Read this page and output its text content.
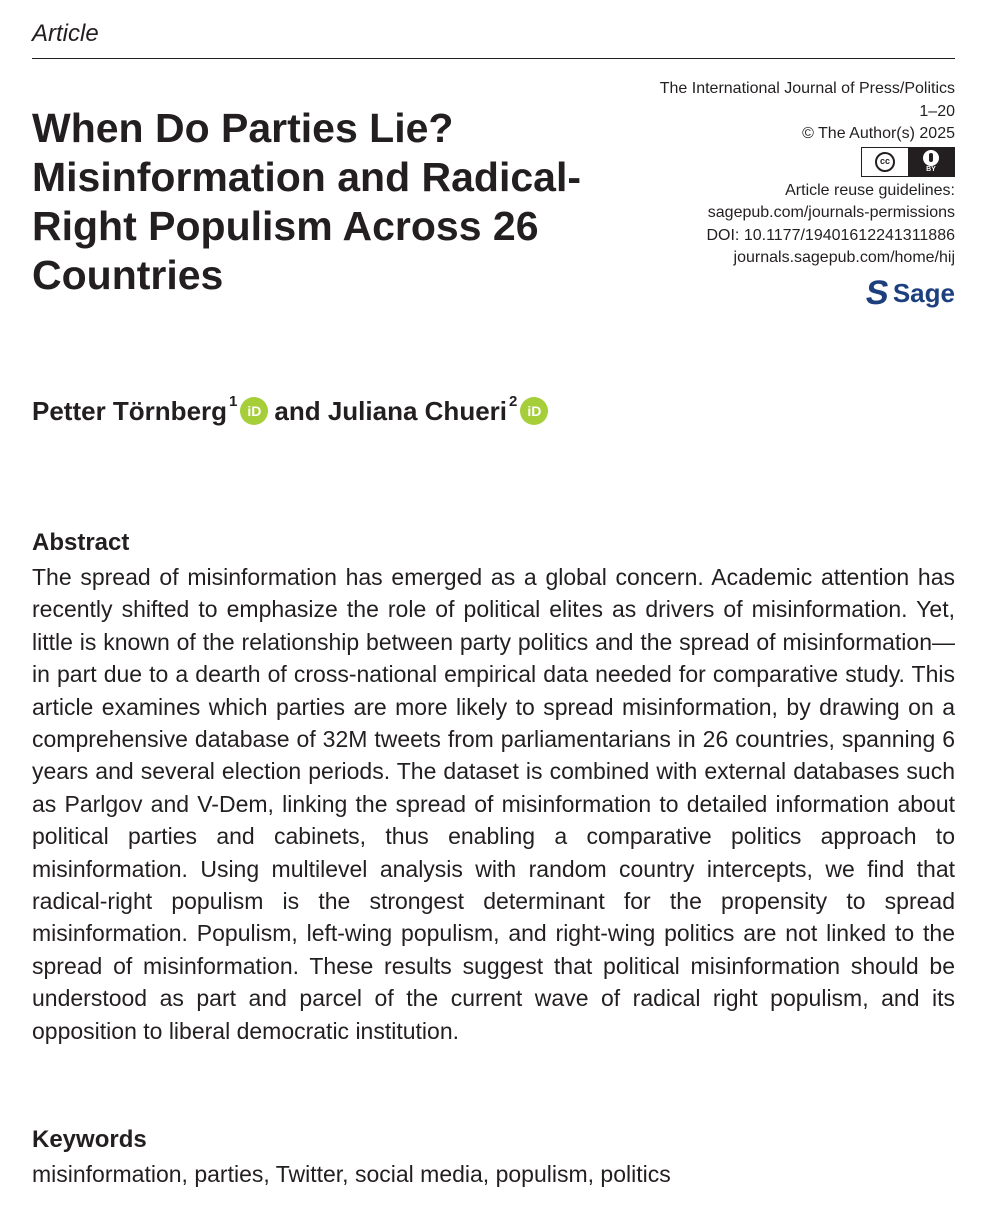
Article
When Do Parties Lie? Misinformation and Radical-Right Populism Across 26 Countries
The International Journal of Press/Politics
1–20
© The Author(s) 2025
cc
BY
Article reuse guidelines:
sagepub.com/journals-permissions
DOI: 10.1177/19401612241311886
journals.sagepub.com/home/hij
S Sage
Petter Törnberg$^1$
iD and
Juliana Chueri$^2$
iD
Abstract

The spread of misinformation has emerged as a global concern. Academic attention has recently shifted to emphasize the role of political elites as drivers of misinformation. Yet, little is known of the relationship between party politics and the spread of misinformation—in part due to a dearth of cross-national empirical data needed for comparative study. This article examines which parties are more likely to spread misinformation, by drawing on a comprehensive database of 32M tweets from parliamentarians in 26 countries, spanning 6 years and several election periods. The dataset is combined with external databases such as Parlgov and V-Dem, linking the spread of misinformation to detailed information about political parties and cabinets, thus enabling a comparative politics approach to misinformation. Using multilevel analysis with random country intercepts, we find that radical-right populism is the strongest determinant for the propensity to spread misinformation. Populism, left-wing populism, and right-wing politics are not linked to the spread of misinformation. These results suggest that political misinformation should be understood as part and parcel of the current wave of radical right populism, and its opposition to liberal democratic institution.

Keywords

misinformation, parties, Twitter, social media, populism, politics
